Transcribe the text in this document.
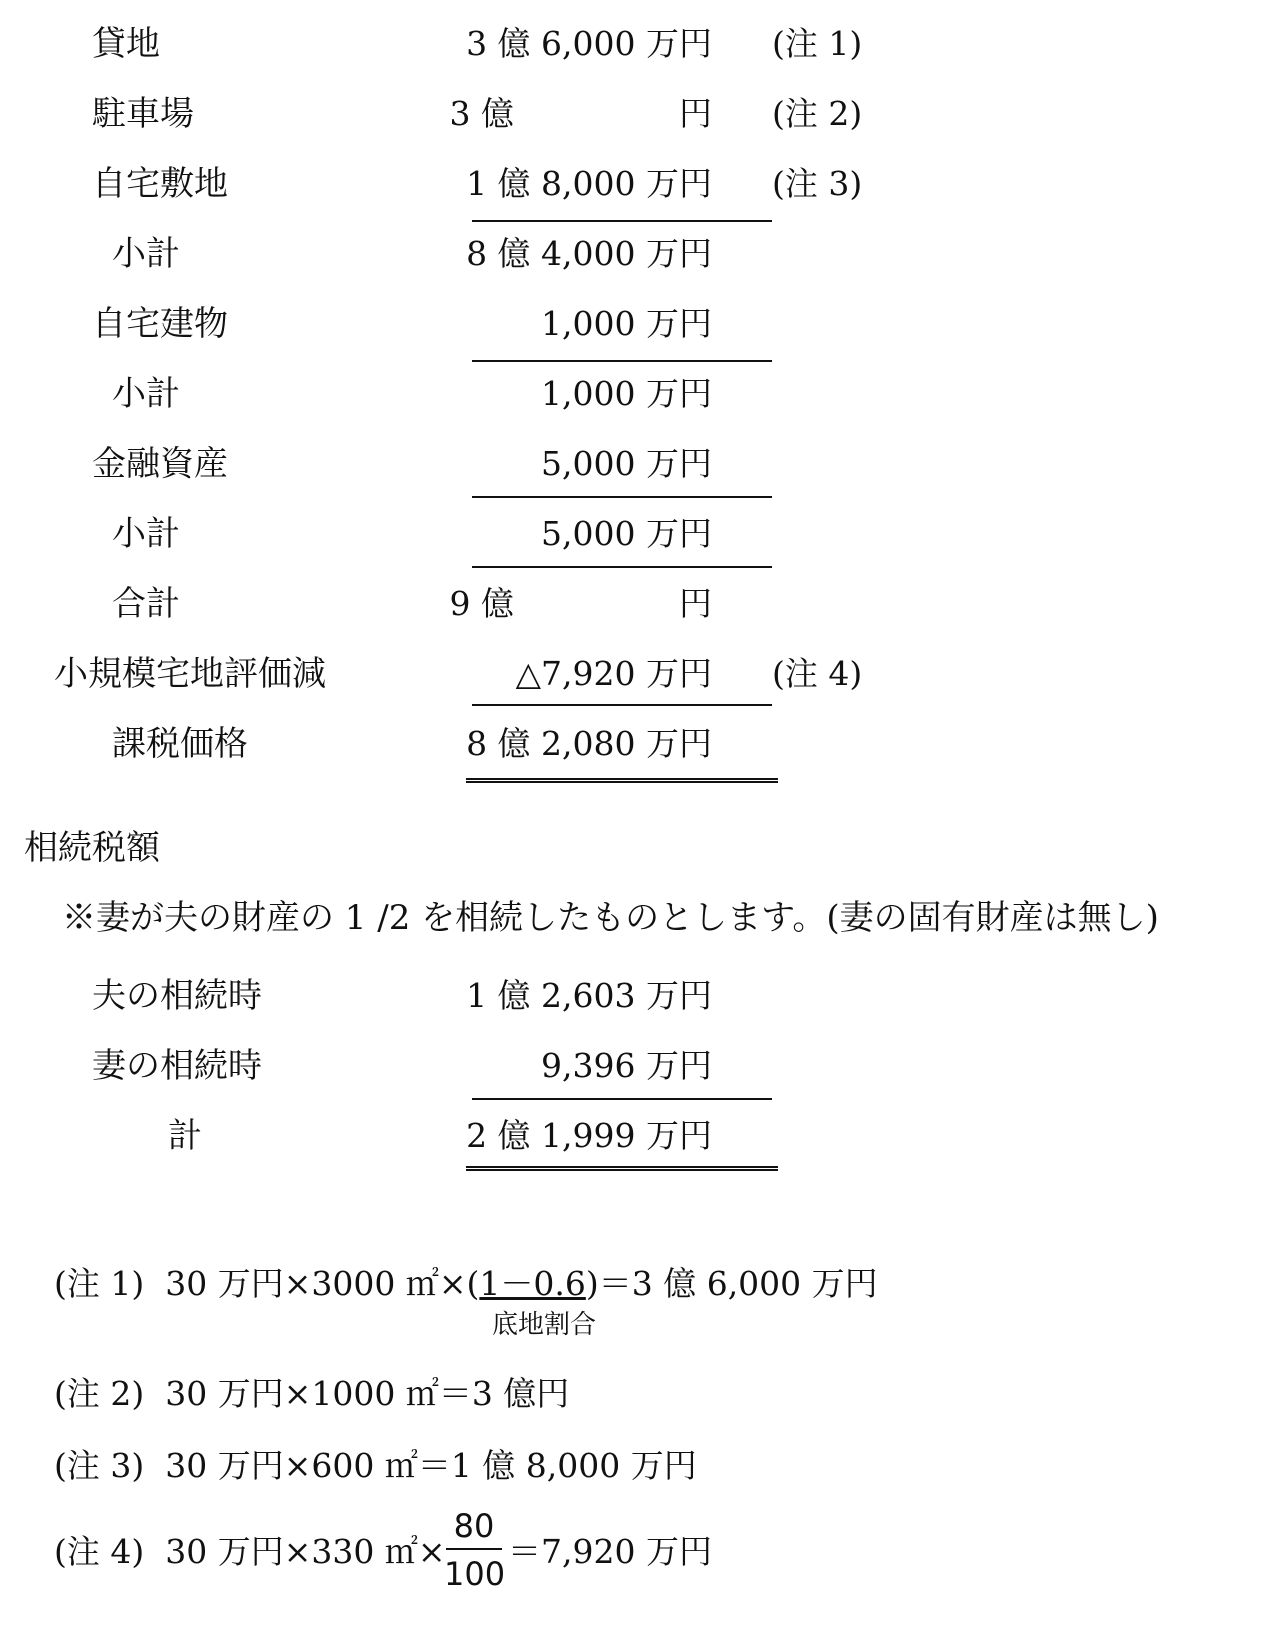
貸地	3 億 6,000 万円 (注 1)
駐車場	3 億　　　　　円 (注 2)
自宅敷地	1 億 8,000 万円 (注 3)
小計	8 億 4,000 万円
自宅建物	1,000 万円
小計	1,000 万円
金融資産	5,000 万円
小計	5,000 万円
合計	9 億　　　　　円
小規模宅地評価減	△7,920 万円 (注 4)
課税価格	8 億 2,080 万円
相続税額
※妻が夫の財産の 1 /2 を相続したものとします。(妻の固有財産は無し)
夫の相続時	1 億 2,603 万円
妻の相続時	9,396 万円
計	2 億 1,999 万円
(注 1) 30 万円×3000 ㎡×(1－0.6)＝3 億 6,000 万円
底地割合
(注 2) 30 万円×1000 ㎡＝3 億円
(注 3) 30 万円×600 ㎡＝1 億 8,000 万円
(注 4) 30 万円×330 ㎡×
80
100
＝7,920 万円
